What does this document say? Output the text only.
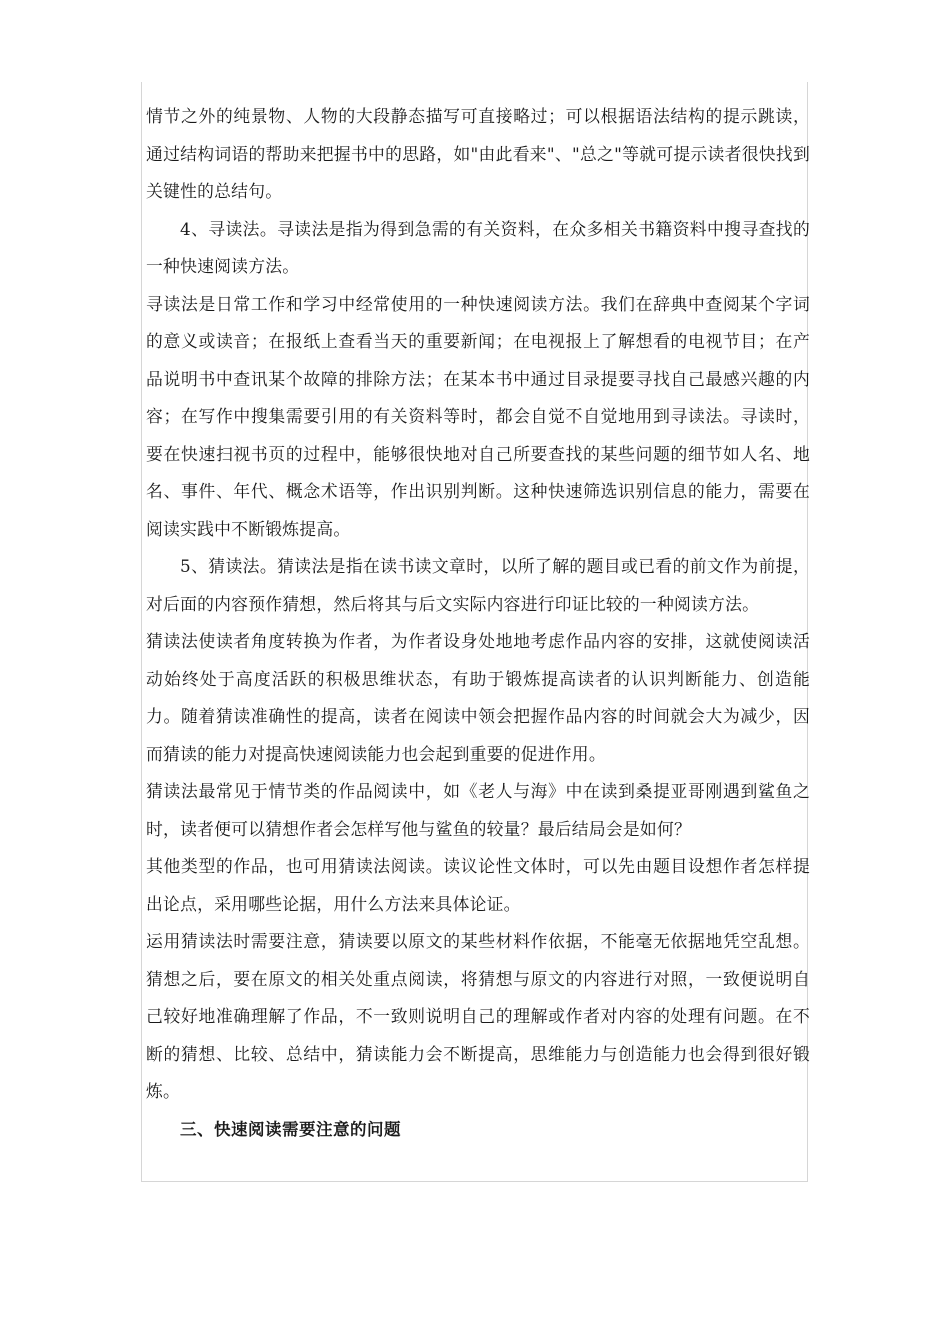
情节之外的纯景物、人物的大段静态描写可直接略过；可以根据语法结构的提示跳读，通过结构词语的帮助来把握书中的思路，如"由此看来"、"总之"等就可提示读者很快找到关键性的总结句。

4、寻读法。寻读法是指为得到急需的有关资料，在众多相关书籍资料中搜寻查找的一种快速阅读方法。

寻读法是日常工作和学习中经常使用的一种快速阅读方法。我们在辞典中查阅某个字词的意义或读音；在报纸上查看当天的重要新闻；在电视报上了解想看的电视节目；在产品说明书中查讯某个故障的排除方法；在某本书中通过目录提要寻找自己最感兴趣的内容；在写作中搜集需要引用的有关资料等时，都会自觉不自觉地用到寻读法。寻读时，要在快速扫视书页的过程中，能够很快地对自己所要查找的某些问题的细节如人名、地名、事件、年代、概念术语等，作出识别判断。这种快速筛选识别信息的能力，需要在阅读实践中不断锻炼提高。

5、猜读法。猜读法是指在读书读文章时，以所了解的题目或已看的前文作为前提，对后面的内容预作猜想，然后将其与后文实际内容进行印证比较的一种阅读方法。

猜读法使读者角度转换为作者，为作者设身处地地考虑作品内容的安排，这就使阅读活动始终处于高度活跃的积极思维状态，有助于锻炼提高读者的认识判断能力、创造能力。随着猜读准确性的提高，读者在阅读中领会把握作品内容的时间就会大为减少，因而猜读的能力对提高快速阅读能力也会起到重要的促进作用。

猜读法最常见于情节类的作品阅读中，如《老人与海》中在读到桑提亚哥刚遇到鲨鱼之时，读者便可以猜想作者会怎样写他与鲨鱼的较量？最后结局会是如何？

其他类型的作品，也可用猜读法阅读。读议论性文体时，可以先由题目设想作者怎样提出论点，采用哪些论据，用什么方法来具体论证。

运用猜读法时需要注意，猜读要以原文的某些材料作依据，不能毫无依据地凭空乱想。猜想之后，要在原文的相关处重点阅读，将猜想与原文的内容进行对照，一致便说明自己较好地准确理解了作品，不一致则说明自己的理解或作者对内容的处理有问题。在不断的猜想、比较、总结中，猜读能力会不断提高，思维能力与创造能力也会得到很好锻炼。

三、快速阅读需要注意的问题
